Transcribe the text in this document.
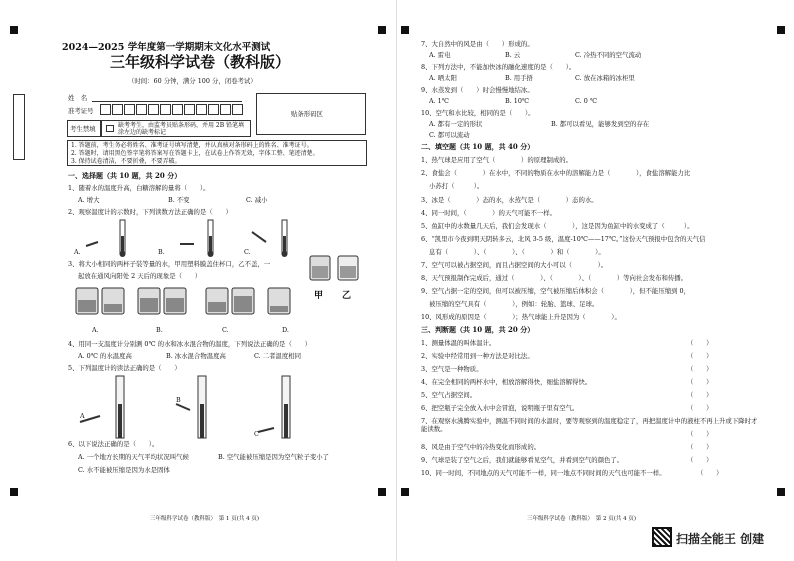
2024—2025 学年度第一学期期末文化水平测试
三年级科学试卷（教科版）
（时间：60 分钟，满分 100 分，闭卷考试）
姓　名
准考证号	贴条形码区
考生禁填	缺考考生，由监考员贴条形码，并用 2B 铅笔填涂左边的缺考标记
1. 答题前，考生务必将姓名、准考证号填写清楚，并认真核对条形码上的姓名、准考证号。
2. 答题时，请用黑色签字笔将答案写在答题卡上，在试卷上作答无效，字体工整、笔迹清楚。
3. 保持试卷清洁，不要折叠，不要弄破。
一、选择题（共 10 题，共 20 分）
1、随着水的温度升高，白糖溶解的量将（　　）。
A. 增大	B. 不变	C. 减小
2、观察温度计的示数时，下列读数方法正确的是（　　）
A.	B.	C.
3、将大小相同的两杯子装等量的水，甲用塑料膜盖住杯口，乙不盖，一
起放在通风向阳处 2 天后的现象是（　　）
甲 乙
A.	B.	C.	D.
4、用同一支温度计分别测 0℃ 的水和冰水混合物的温度，下列说法正确的是（　　）
A. 0℃ 的水温度高	B. 冰水混合物温度高	C. 二者温度相同
5、下列温度计的读法正确的是（　　）
A
B
C
6、以下说法正确的是（　　）。
A. 一个地方长期的天气平均状况叫气候	B. 空气能被压缩是因为空气粒子变小了
C. 水不能被压缩是因为水是固体
三年级科学试卷（教科版）　第 1 页(共 4 页)
7、大自然中的风是由（　　）形成的。
A. 雷电	B. 云	C. 冷热不同的空气流动
8、下列方法中，不能加快冰的融化速度的是（　　）。
A. 晒太阳	B. 用手捂	C. 放在冰箱的冰柜里
9、水蒸发到（　　）时会慢慢地结冰。
A. 1℃	B. 10℃	C. 0 ℃
10、空气和水比较，相同的是（　　）。
A. 都有一定的形状	B. 都可以看见，能够发到空的存在
C. 都可以流动
二、填空题（共 10 题，共 40 分）
1、热气球是应用了空气（　　　　）的原理制成的。
2、食盐会（　　　　）在水中，不同的物质在水中的溶解能力是（　　　　），食盐溶解能力比
小苏打（　　　）。
3、冰是（　　　　）态的水，水蒸气是（　　　　）态的水。
4、同一时间，（　　　　）的天气可能不一样。
5、鱼缸中的水数量几天后，我们会发现水（　　　　），这是因为鱼缸中的水变成了（　　　）。
6、“凯里市今夜到明天阴转多云，北风 3-5 级，温度-10℃——17℃。”这份天气预报中包含的天气信
息有（　　　　）、（　　　　）、（　　　　）和（　　　　）。
7、空气可以被占据空间，而且占据空间的大小可以（　　　　）。
8、天气预报制作完成后，通过（　　　　）、（　　　　）、（　　　　）等向社会发布和传播。
9、空气占据一定的空间，但可以被压缩，空气被压缩后体积会（　　　　），但不能压缩到 0，
被压缩的空气具有（　　　　），例如：轮胎、篮球、足球。
10、风形成的原因是（　　　　）；热气球能上升是因为（　　　　）。
三、判断题（共 10 题，共 20 分）
1、测量体温的叫体温计。	（　　）
2、实验中经常用到一种方法是对比法。	（　　）
3、空气是一种物质。	（　　）
4、在完全相同的两杯水中，相放溶解得快，细盐溶解得快。	（　　）
5、空气占据空间。	（　　）
6、把空瓶子完全放入水中会冒泡，说明瓶子里有空气。	（　　）
7、在观察水沸腾实验中，测温不同时间的水温时，要等观察到的温度稳定了，再把温度计中的液柱不再上升或下降时才能读数。
（　　）
8、风是由于空气中的冷热变化而形成的。	（　　）
9、气球是装了空气之后，我们就能够看见空气，并看到空气的颜色了。	（　　）
10、同一时间，不同地点的天气可能不一样，同一地点不同时间的天气也可能不一样。	（　　）
三年级科学试卷（教科版）　第 2 页(共 4 页)
扫描全能王 创建
